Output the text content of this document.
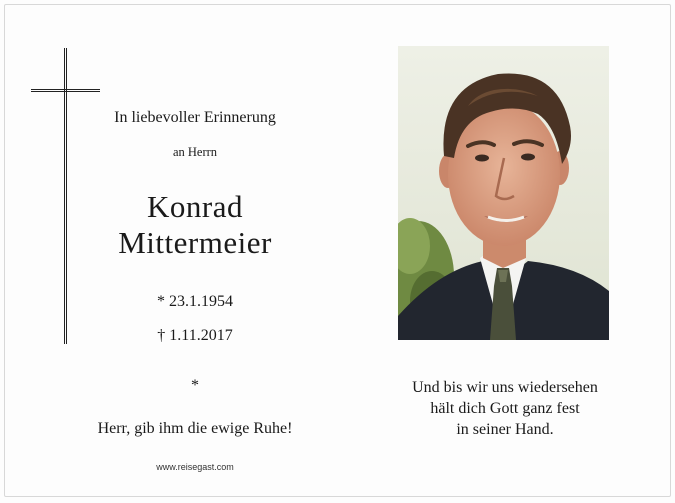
In liebevoller Erinnerung
an Herrn
Konrad
Mittermeier
* 23.1.1954
† 1.11.2017
*
Herr, gib ihm die ewige Ruhe!
www.reisegast.com
Und bis wir uns wiedersehen
hält dich Gott ganz fest
in seiner Hand.
